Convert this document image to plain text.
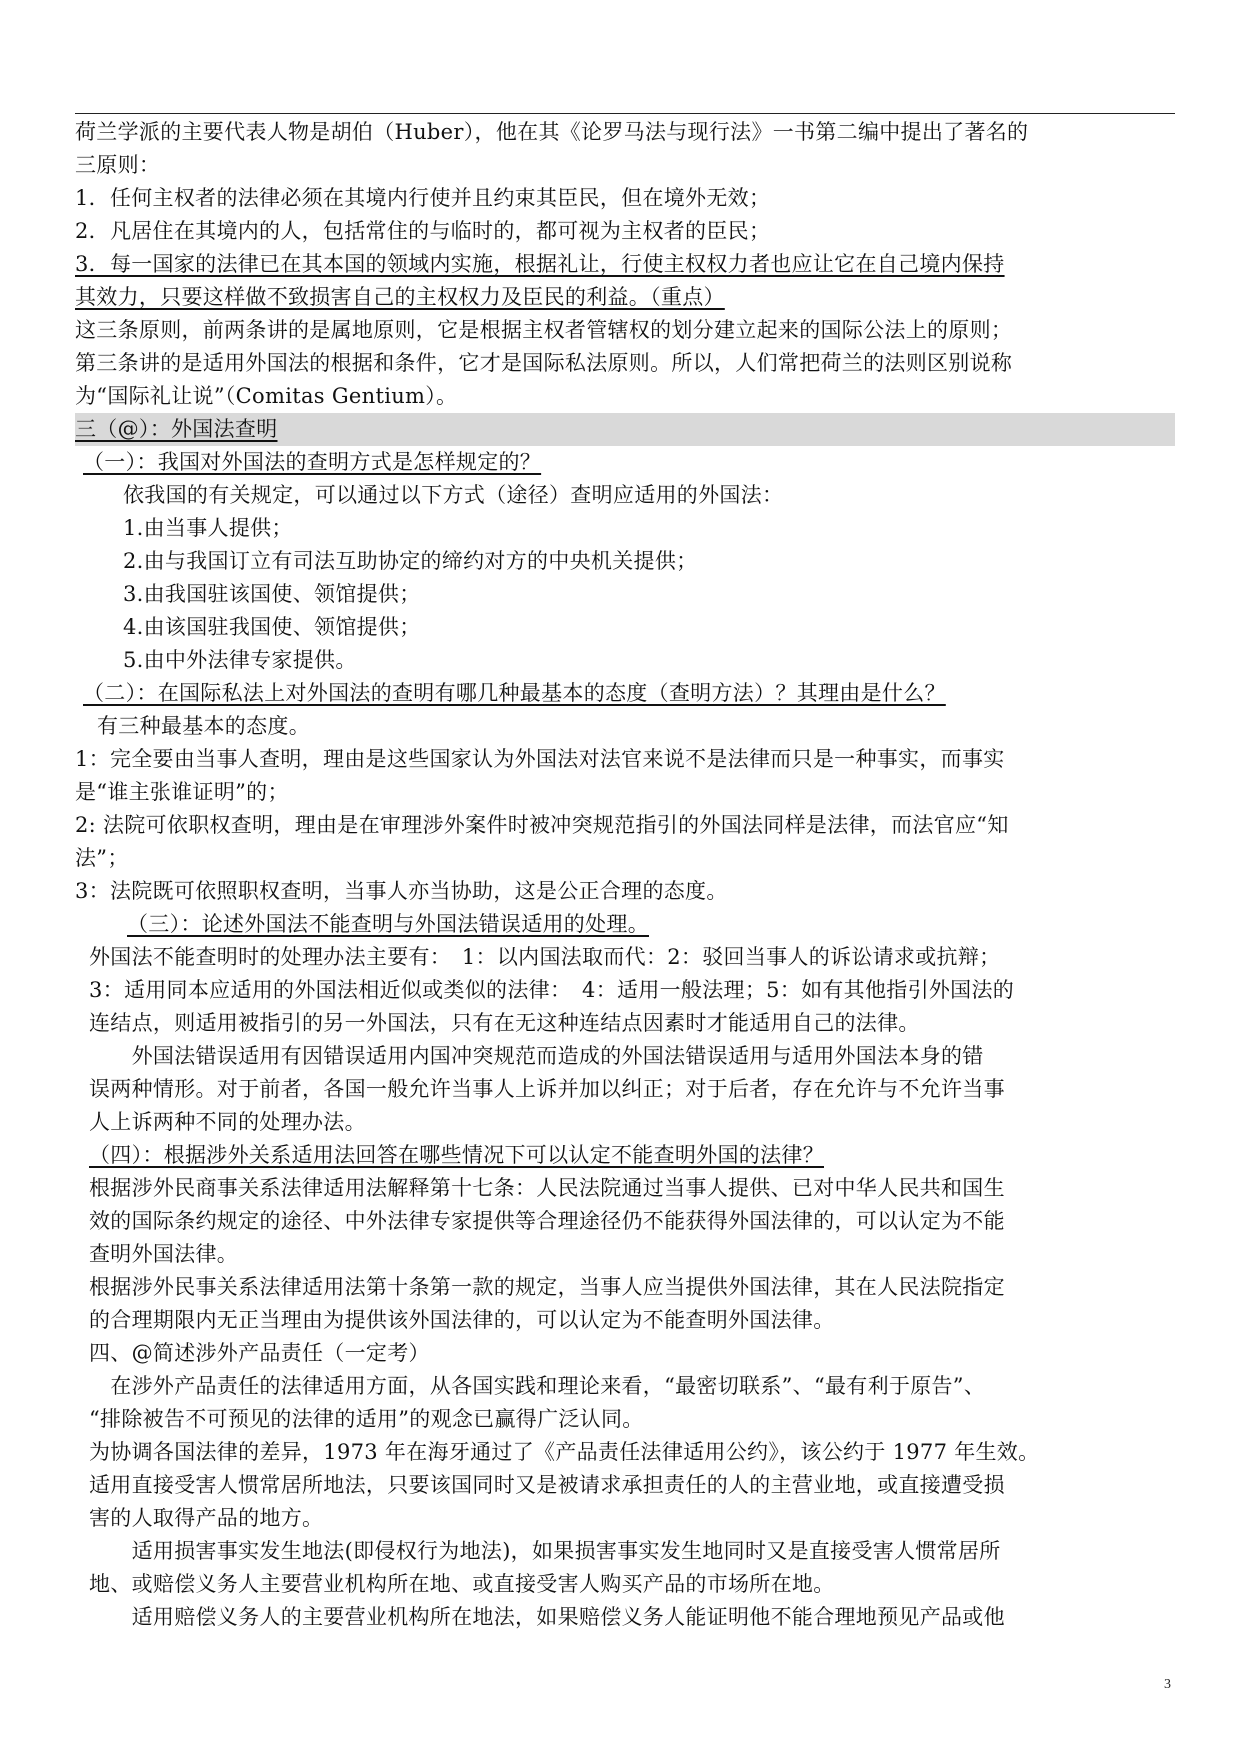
荷兰学派的主要代表人物是胡伯（Huber），他在其《论罗马法与现行法》一书第二编中提出了著名的
三原则：
1．任何主权者的法律必须在其境内行使并且约束其臣民，但在境外无效；
2．凡居住在其境内的人，包括常住的与临时的，都可视为主权者的臣民；
3．每一国家的法律已在其本国的领域内实施，根据礼让，行使主权权力者也应让它在自己境内保持
其效力，只要这样做不致损害自己的主权权力及臣民的利益。（重点）
这三条原则，前两条讲的是属地原则，它是根据主权者管辖权的划分建立起来的国际公法上的原则；
第三条讲的是适用外国法的根据和条件，它才是国际私法原则。所以，人们常把荷兰的法则区别说称
为“国际礼让说”（Comitas Gentium）。
三（@）：外国法查明
（一）：我国对外国法的查明方式是怎样规定的？
依我国的有关规定，可以通过以下方式（途径）查明应适用的外国法：
1.由当事人提供；
2.由与我国订立有司法互助协定的缔约对方的中央机关提供；
3.由我国驻该国使、领馆提供；
4.由该国驻我国使、领馆提供；
5.由中外法律专家提供。
（二）：在国际私法上对外国法的查明有哪几种最基本的态度（查明方法）？其理由是什么？
有三种最基本的态度。
1：完全要由当事人查明，理由是这些国家认为外国法对法官来说不是法律而只是一种事实，而事实
是“谁主张谁证明”的；
2: 法院可依职权查明，理由是在审理涉外案件时被冲突规范指引的外国法同样是法律，而法官应“知
法”；
3：法院既可依照职权查明，当事人亦当协助，这是公正合理的态度。
（三）：论述外国法不能查明与外国法错误适用的处理。
外国法不能查明时的处理办法主要有：　1：以内国法取而代：2：驳回当事人的诉讼请求或抗辩；
3：适用同本应适用的外国法相近似或类似的法律：　4：适用一般法理；5：如有其他指引外国法的
连结点，则适用被指引的另一外国法，只有在无这种连结点因素时才能适用自己的法律。
　　外国法错误适用有因错误适用内国冲突规范而造成的外国法错误适用与适用外国法本身的错
误两种情形。对于前者，各国一般允许当事人上诉并加以纠正；对于后者，存在允许与不允许当事
人上诉两种不同的处理办法。
（四）：根据涉外关系适用法回答在哪些情况下可以认定不能查明外国的法律？
根据涉外民商事关系法律适用法解释第十七条：人民法院通过当事人提供、已对中华人民共和国生
效的国际条约规定的途径、中外法律专家提供等合理途径仍不能获得外国法律的，可以认定为不能
查明外国法律。
根据涉外民事关系法律适用法第十条第一款的规定，当事人应当提供外国法律，其在人民法院指定
的合理期限内无正当理由为提供该外国法律的，可以认定为不能查明外国法律。
四、@简述涉外产品责任（一定考）
　在涉外产品责任的法律适用方面，从各国实践和理论来看，“最密切联系”、“最有利于原告”、
“排除被告不可预见的法律的适用”的观念已赢得广泛认同。
为协调各国法律的差异，1973 年在海牙通过了《产品责任法律适用公约》，该公约于 1977 年生效。
适用直接受害人惯常居所地法，只要该国同时又是被请求承担责任的人的主营业地，或直接遭受损
害的人取得产品的地方。
　　适用损害事实发生地法(即侵权行为地法)，如果损害事实发生地同时又是直接受害人惯常居所
地、或赔偿义务人主要营业机构所在地、或直接受害人购买产品的市场所在地。
　　适用赔偿义务人的主要营业机构所在地法，如果赔偿义务人能证明他不能合理地预见产品或他
3
